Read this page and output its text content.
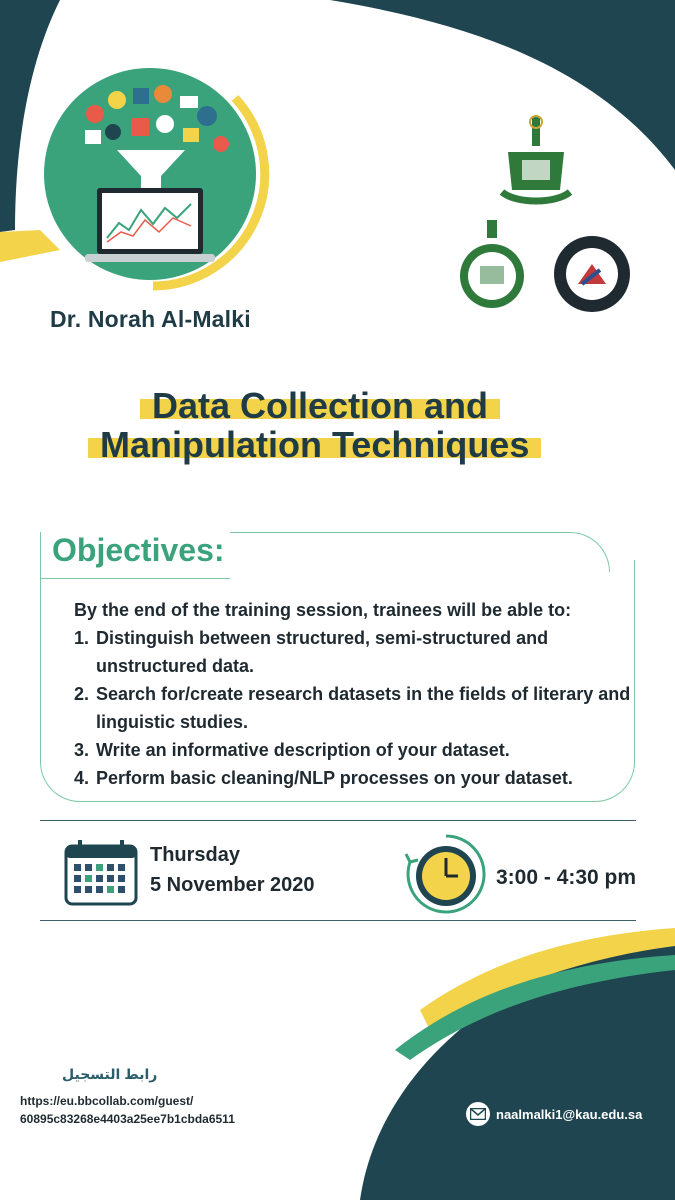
Dr. Norah Al-Malki
Data Collection and
Manipulation Techniques
Objectives:
By the end of the training session, trainees will be able to:
1. Distinguish between structured, semi-structured and unstructured data.
2. Search for/create research datasets in the fields of literary and linguistic studies.
3. Write an informative description of your dataset.
4. Perform basic cleaning/NLP processes on your dataset.
Thursday
5 November 2020	3:00 - 4:30 pm
رابط التسجيل
https://eu.bbcollab.com/guest/
60895c83268e4403a25ee7b1cbda6511	naalmalki1@kau.edu.sa
